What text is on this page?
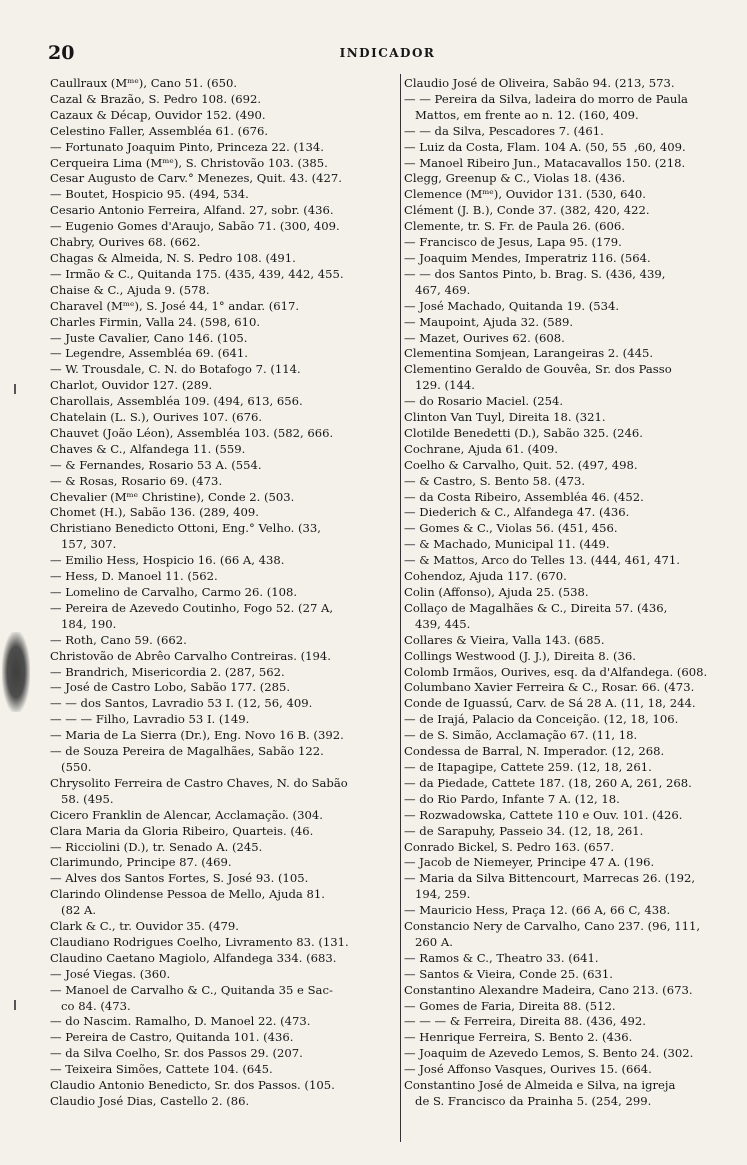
20	INDICADOR
Caullraux (Mᵐᵉ), Cano 51. (650.
Cazal & Brazão, S. Pedro 108. (692.
Cazaux & Décap, Ouvidor 152. (490.
Celestino Faller, Assembléa 61. (676.
— Fortunato Joaquim Pinto, Princeza 22. (134.
Cerqueira Lima (Mᵐᵉ), S. Christovão 103. (385.
Cesar Augusto de Carv.° Menezes, Quit. 43. (427.
— Boutet, Hospicio 95. (494, 534.
Cesario Antonio Ferreira, Alfand. 27, sobr. (436.
— Eugenio Gomes d'Araujo, Sabão 71. (300, 409.
Chabry, Ourives 68. (662.
Chagas & Almeida, N. S. Pedro 108. (491.
— Irmão & C., Quitanda 175. (435, 439, 442, 455.
Chaise & C., Ajuda 9. (578.
Charavel (Mᵐᵉ), S. José 44, 1° andar. (617.
Charles Firmin, Valla 24. (598, 610.
— Juste Cavalier, Cano 146. (105.
— Legendre, Assembléa 69. (641.
— W. Trousdale, C. N. do Botafogo 7. (114.
Charlot, Ouvidor 127. (289.
Charollais, Assembléa 109. (494, 613, 656.
Chatelain (L. S.), Ourives 107. (676.
Chauvet (João Léon), Assembléa 103. (582, 666.
Chaves & C., Alfandega 11. (559.
— & Fernandes, Rosario 53 A. (554.
— & Rosas, Rosario 69. (473.
Chevalier (Mᵐᵉ Christine), Conde 2. (503.
Chomet (H.), Sabão 136. (289, 409.
Christiano Benedicto Ottoni, Eng.° Velho. (33,
157, 307.
— Emilio Hess, Hospicio 16. (66 A, 438.
— Hess, D. Manoel 11. (562.
— Lomelino de Carvalho, Carmo 26. (108.
— Pereira de Azevedo Coutinho, Fogo 52. (27 A,
184, 190.
— Roth, Cano 59. (662.
Christovão de Abrêo Carvalho Contreiras. (194.
— Brandrich, Misericordia 2. (287, 562.
— José de Castro Lobo, Sabão 177. (285.
— — dos Santos, Lavradio 53 I. (12, 56, 409.
— — — Filho, Lavradio 53 I. (149.
— Maria de La Sierra (Dr.), Eng. Novo 16 B. (392.
— de Souza Pereira de Magalhães, Sabão 122.
(550.
Chrysolito Ferreira de Castro Chaves, N. do Sabão
58. (495.
Cicero Franklin de Alencar, Acclamação. (304.
Clara Maria da Gloria Ribeiro, Quarteis. (46.
— Ricciolini (D.), tr. Senado A. (245.
Clarimundo, Principe 87. (469.
— Alves dos Santos Fortes, S. José 93. (105.
Clarindo Olindense Pessoa de Mello, Ajuda 81.
(82 A.
Clark & C., tr. Ouvidor 35. (479.
Claudiano Rodrigues Coelho, Livramento 83. (131.
Claudino Caetano Magiolo, Alfandega 334. (683.
— José Viegas. (360.
— Manoel de Carvalho & C., Quitanda 35 e Sac-
co 84. (473.
— do Nascim. Ramalho, D. Manoel 22. (473.
— Pereira de Castro, Quitanda 101. (436.
— da Silva Coelho, Sr. dos Passos 29. (207.
— Teixeira Simões, Cattete 104. (645.
Claudio Antonio Benedicto, Sr. dos Passos. (105.
Claudio José Dias, Castello 2. (86.
Claudio José de Oliveira, Sabão 94. (213, 573.
— — Pereira da Silva, ladeira do morro de Paula
Mattos, em frente ao n. 12. (160, 409.
— — da Silva, Pescadores 7. (461.
— Luiz da Costa, Flam. 104 A. (50, 55  ,60, 409.
— Manoel Ribeiro Jun., Matacavallos 150. (218.
Clegg, Greenup & C., Violas 18. (436.
Clemence (Mᵐᵉ), Ouvidor 131. (530, 640.
Clément (J. B.), Conde 37. (382, 420, 422.
Clemente, tr. S. Fr. de Paula 26. (606.
— Francisco de Jesus, Lapa 95. (179.
— Joaquim Mendes, Imperatriz 116. (564.
— — dos Santos Pinto, b. Brag. S. (436, 439,
467, 469.
— José Machado, Quitanda 19. (534.
— Maupoint, Ajuda 32. (589.
— Mazet, Ourives 62. (608.
Clementina Somjean, Larangeiras 2. (445.
Clementino Geraldo de Gouvêa, Sr. dos Passo
129. (144.
— do Rosario Maciel. (254.
Clinton Van Tuyl, Direita 18. (321.
Clotilde Benedetti (D.), Sabão 325. (246.
Cochrane, Ajuda 61. (409.
Coelho & Carvalho, Quit. 52. (497, 498.
— & Castro, S. Bento 58. (473.
— da Costa Ribeiro, Assembléa 46. (452.
— Diederich & C., Alfandega 47. (436.
— Gomes & C., Violas 56. (451, 456.
— & Machado, Municipal 11. (449.
— & Mattos, Arco do Telles 13. (444, 461, 471.
Cohendoz, Ajuda 117. (670.
Colin (Affonso), Ajuda 25. (538.
Collaço de Magalhães & C., Direita 57. (436,
439, 445.
Collares & Vieira, Valla 143. (685.
Collings Westwood (J. J.), Direita 8. (36.
Colomb Irmãos, Ourives, esq. da d'Alfandega. (608.
Columbano Xavier Ferreira & C., Rosar. 66. (473.
Conde de Iguassú, Carv. de Sá 28 A. (11, 18, 244.
— de Irajá, Palacio da Conceição. (12, 18, 106.
— de S. Simão, Acclamação 67. (11, 18.
Condessa de Barral, N. Imperador. (12, 268.
— de Itapagipe, Cattete 259. (12, 18, 261.
— da Piedade, Cattete 187. (18, 260 A, 261, 268.
— do Rio Pardo, Infante 7 A. (12, 18.
— Rozwadowska, Cattete 110 e Ouv. 101. (426.
— de Sarapuhy, Passeio 34. (12, 18, 261.
Conrado Bickel, S. Pedro 163. (657.
— Jacob de Niemeyer, Principe 47 A. (196.
— Maria da Silva Bittencourt, Marrecas 26. (192,
194, 259.
— Mauricio Hess, Praça 12. (66 A, 66 C, 438.
Constancio Nery de Carvalho, Cano 237. (96, 111,
260 A.
— Ramos & C., Theatro 33. (641.
— Santos & Vieira, Conde 25. (631.
Constantino Alexandre Madeira, Cano 213. (673.
— Gomes de Faria, Direita 88. (512.
— — — & Ferreira, Direita 88. (436, 492.
— Henrique Ferreira, S. Bento 2. (436.
— Joaquim de Azevedo Lemos, S. Bento 24. (302.
— José Affonso Vasques, Ourives 15. (664.
Constantino José de Almeida e Silva, na igreja
de S. Francisco da Prainha 5. (254, 299.
